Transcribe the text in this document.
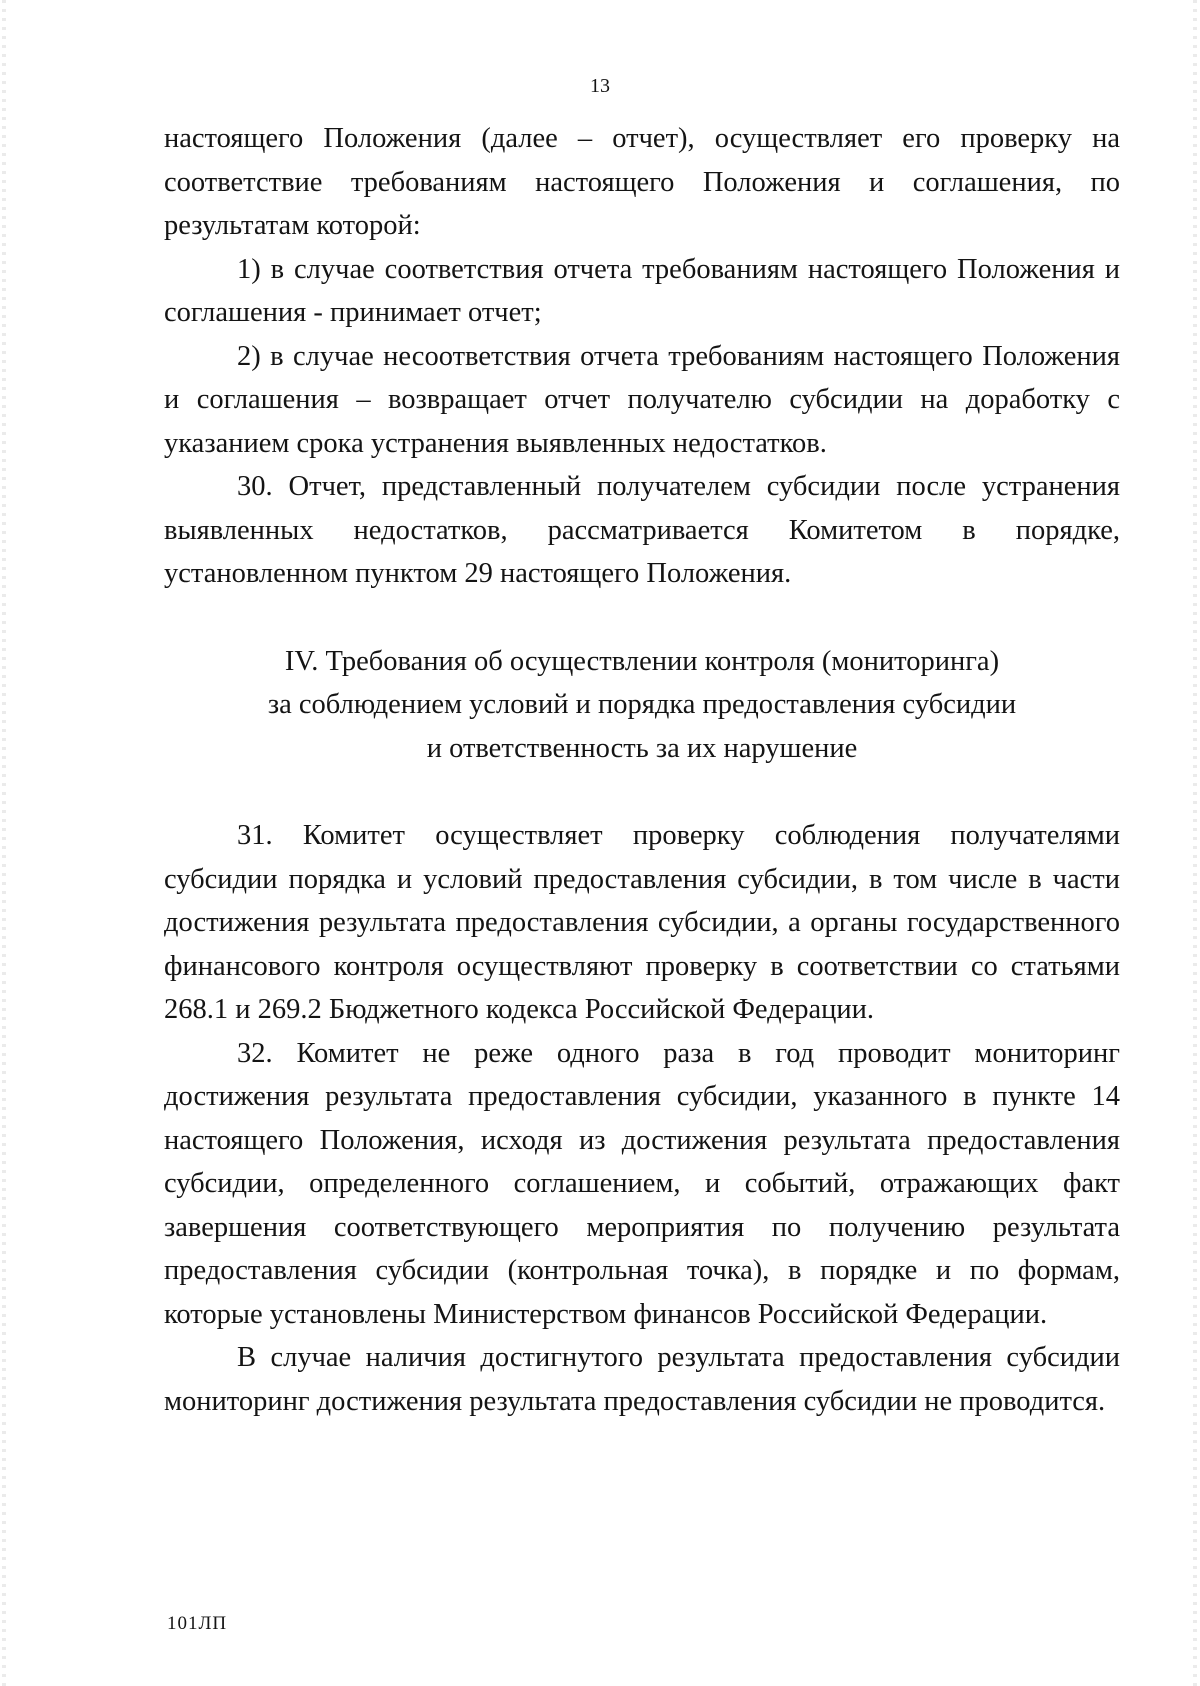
13

настоящего Положения (далее – отчет), осуществляет его проверку на соответствие требованиям настоящего Положения и соглашения, по результатам которой:

1) в случае соответствия отчета требованиям настоящего Положения и соглашения - принимает отчет;

2) в случае несоответствия отчета требованиям настоящего Положения и соглашения – возвращает отчет получателю субсидии на доработку с указанием срока устранения выявленных недостатков.

30. Отчет, представленный получателем субсидии после устранения выявленных недостатков, рассматривается Комитетом в порядке, установленном пунктом 29 настоящего Положения.

IV. Требования об осуществлении контроля (мониторинга)

за соблюдением условий и порядка предоставления субсидии

и ответственность за их нарушение

31. Комитет осуществляет проверку соблюдения получателями субсидии порядка и условий предоставления субсидии, в том числе в части достижения результата предоставления субсидии, а органы государственного финансового контроля осуществляют проверку в соответствии со статьями 268.1 и 269.2 Бюджетного кодекса Российской Федерации.

32. Комитет не реже одного раза в год проводит мониторинг достижения результата предоставления субсидии, указанного в пункте 14 настоящего Положения, исходя из достижения результата предоставления субсидии, определенного соглашением, и событий, отражающих факт завершения соответствующего мероприятия по получению результата предоставления субсидии (контрольная точка), в порядке и по формам, которые установлены Министерством финансов Российской Федерации.

В случае наличия достигнутого результата предоставления субсидии мониторинг достижения результата предоставления субсидии не проводится.

101ЛП
